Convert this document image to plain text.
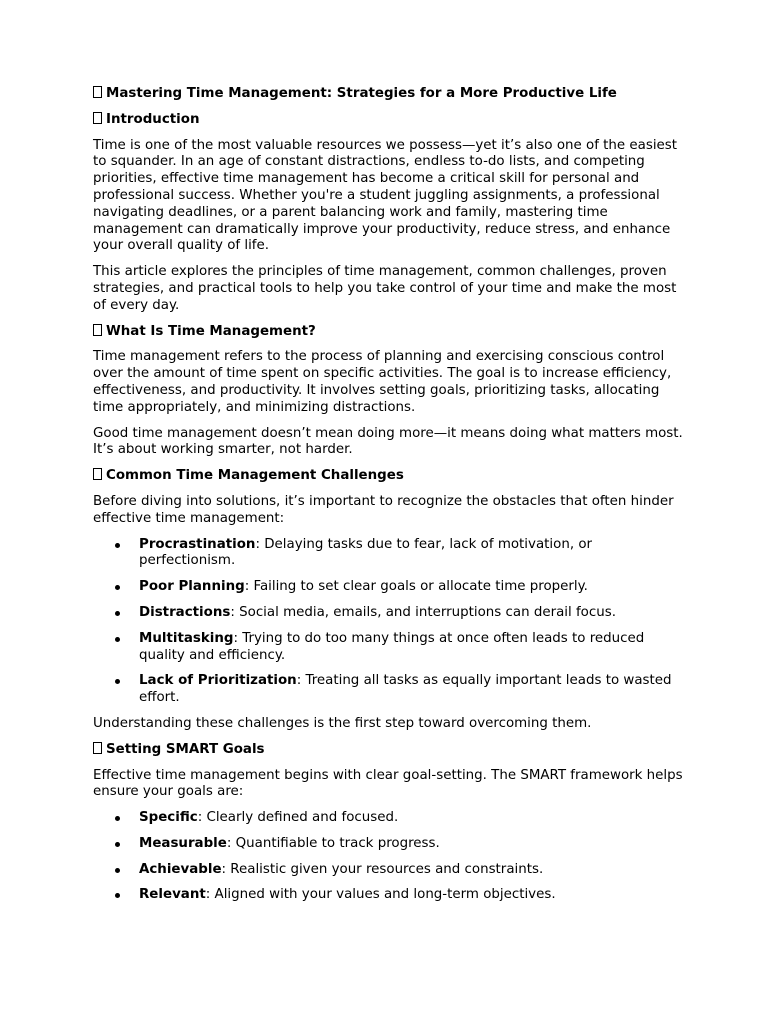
Mastering Time Management: Strategies for a More Productive Life
Introduction
Time is one of the most valuable resources we possess—yet it’s also one of the easiest to squander. In an age of constant distractions, endless to-do lists, and competing priorities, effective time management has become a critical skill for personal and professional success. Whether you're a student juggling assignments, a professional navigating deadlines, or a parent balancing work and family, mastering time management can dramatically improve your productivity, reduce stress, and enhance your overall quality of life.
This article explores the principles of time management, common challenges, proven strategies, and practical tools to help you take control of your time and make the most of every day.
What Is Time Management?
Time management refers to the process of planning and exercising conscious control over the amount of time spent on specific activities. The goal is to increase efficiency, effectiveness, and productivity. It involves setting goals, prioritizing tasks, allocating time appropriately, and minimizing distractions.
Good time management doesn’t mean doing more—it means doing what matters most. It’s about working smarter, not harder.
Common Time Management Challenges
Before diving into solutions, it’s important to recognize the obstacles that often hinder effective time management:
Procrastination: Delaying tasks due to fear, lack of motivation, or perfectionism.
Poor Planning: Failing to set clear goals or allocate time properly.
Distractions: Social media, emails, and interruptions can derail focus.
Multitasking: Trying to do too many things at once often leads to reduced quality and efficiency.
Lack of Prioritization: Treating all tasks as equally important leads to wasted effort.
Understanding these challenges is the first step toward overcoming them.
Setting SMART Goals
Effective time management begins with clear goal-setting. The SMART framework helps ensure your goals are:
Specific: Clearly defined and focused.
Measurable: Quantifiable to track progress.
Achievable: Realistic given your resources and constraints.
Relevant: Aligned with your values and long-term objectives.
